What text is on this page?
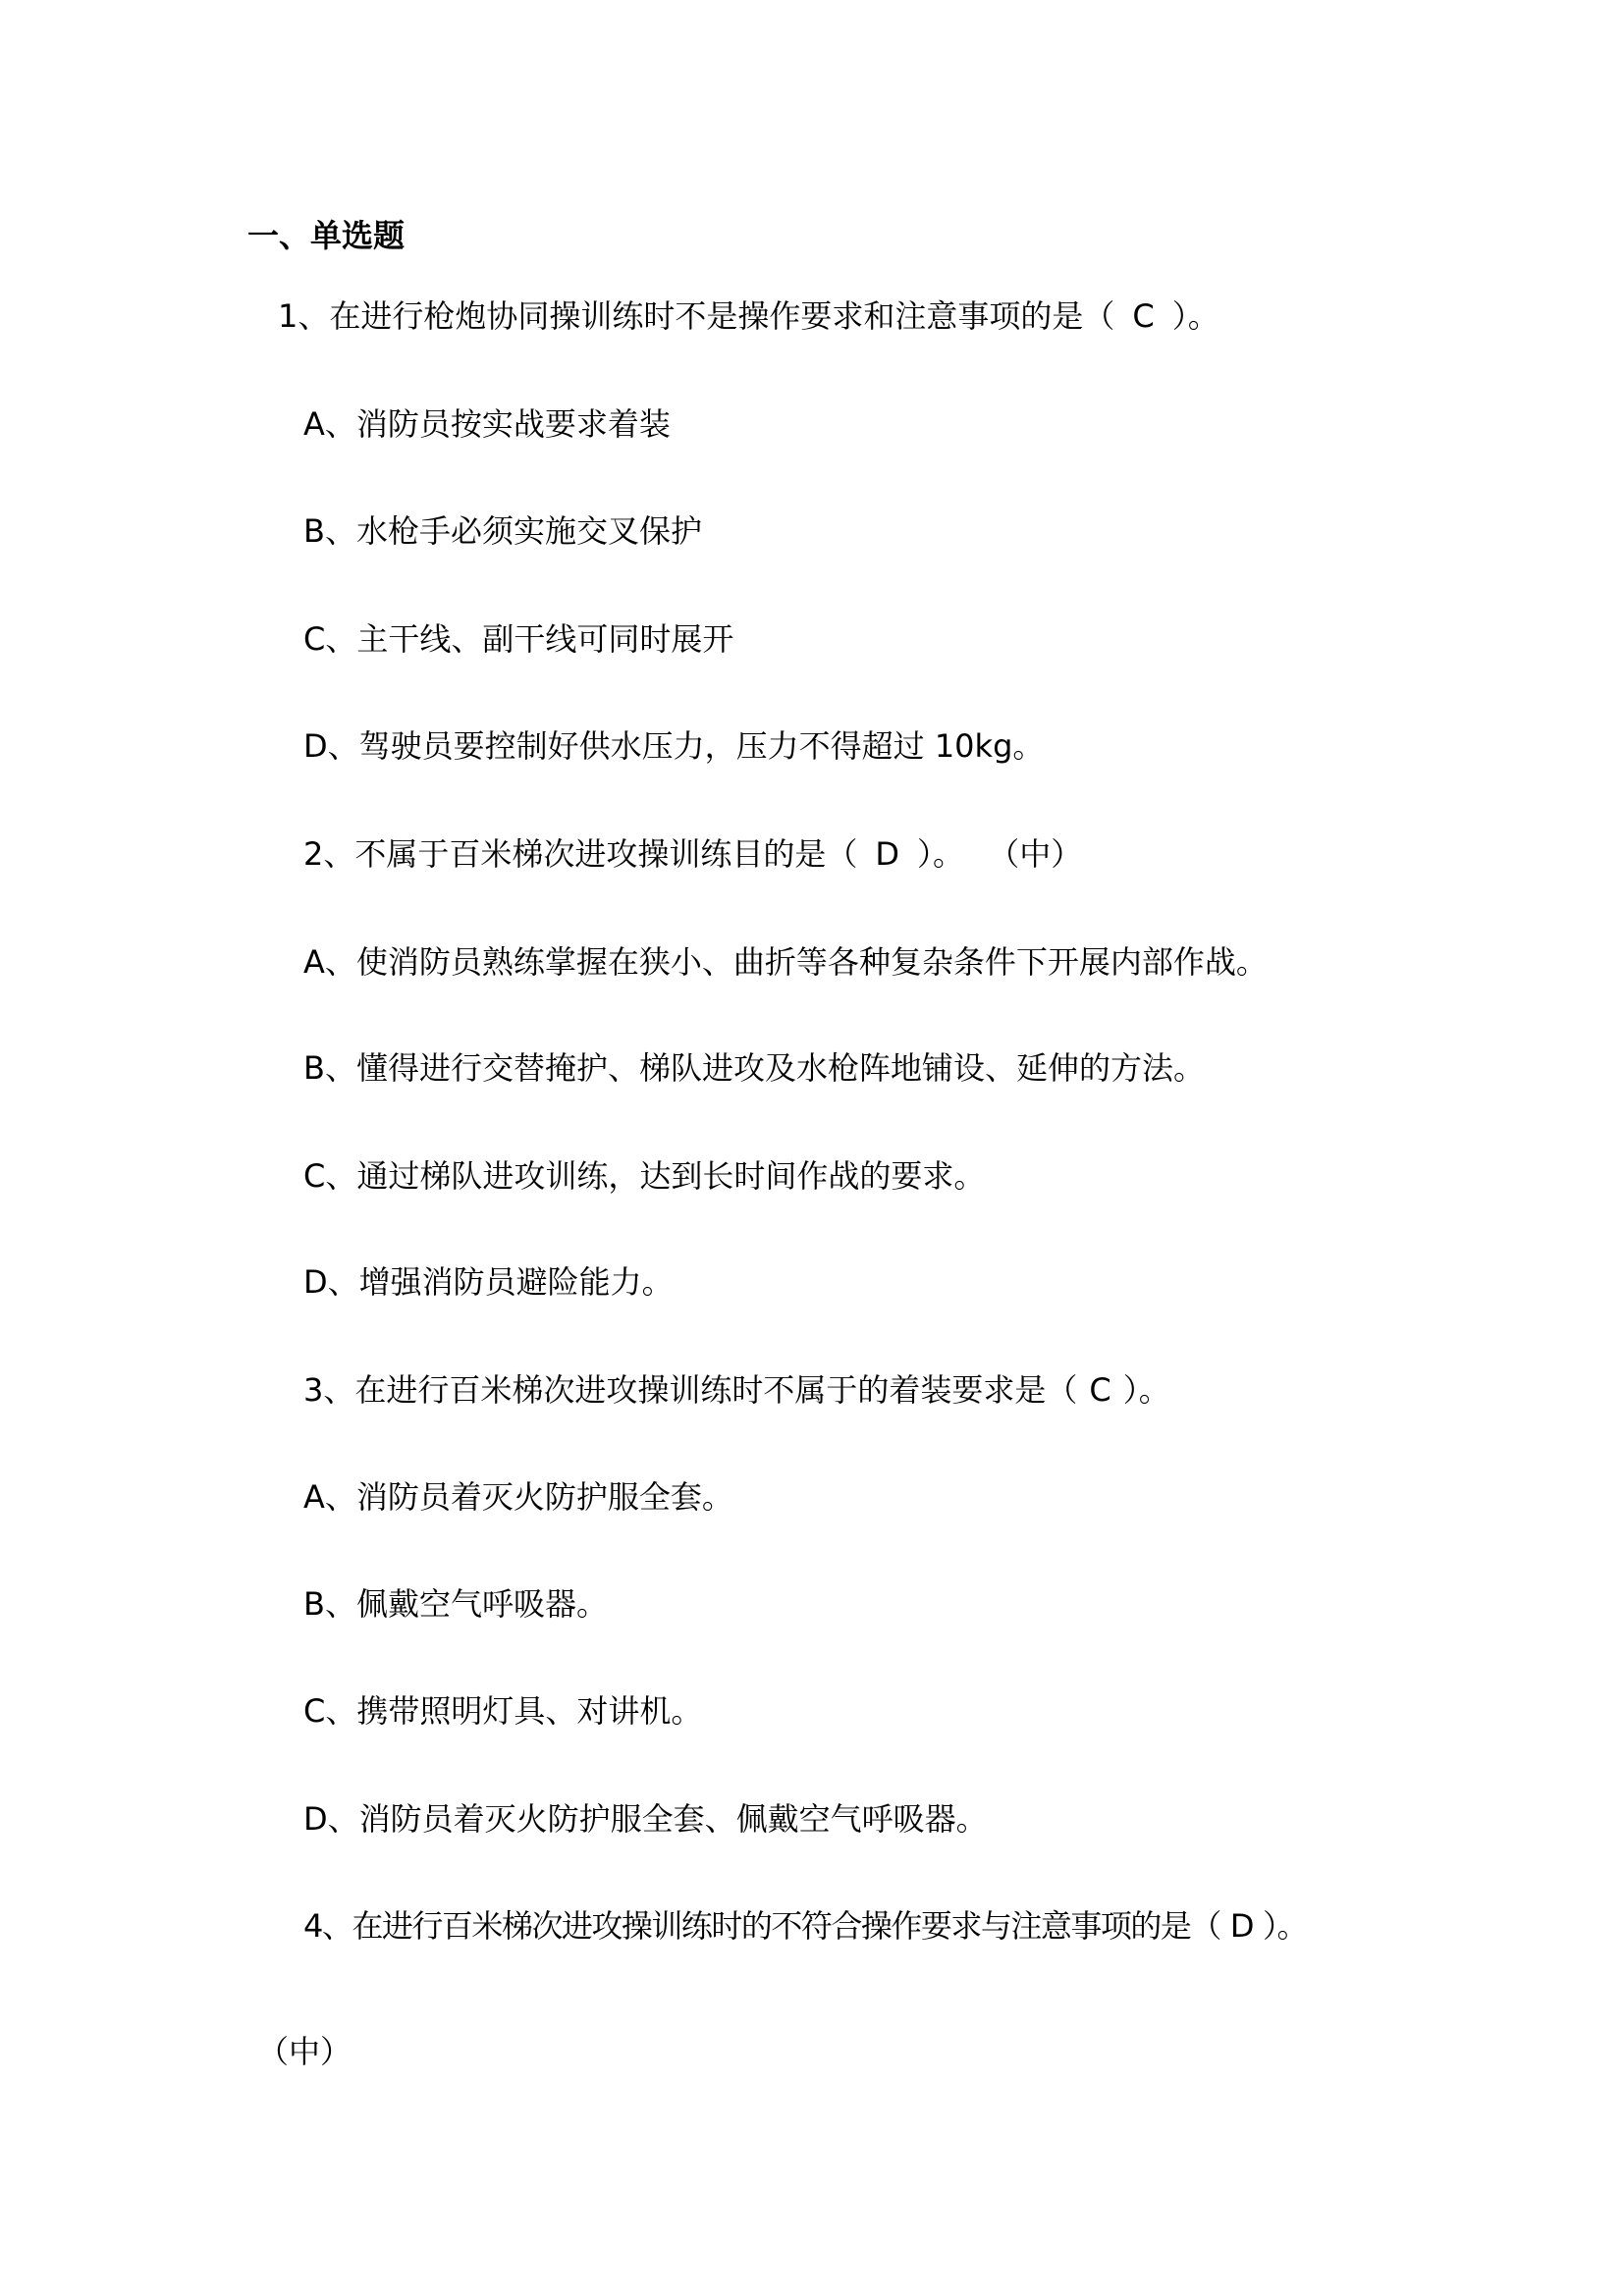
一、单选题
1、在进行枪炮协同操训练时不是操作要求和注意事项的是（ C ）。
A、消防员按实战要求着装
B、水枪手必须实施交叉保护
C、主干线、副干线可同时展开
D、驾驶员要控制好供水压力，压力不得超过 10kg。
2、不属于百米梯次进攻操训练目的是（ D ）。 （中）
A、使消防员熟练掌握在狭小、曲折等各种复杂条件下开展内部作战。
B、懂得进行交替掩护、梯队进攻及水枪阵地铺设、延伸的方法。
C、通过梯队进攻训练，达到长时间作战的要求。
D、增强消防员避险能力。
3、在进行百米梯次进攻操训练时不属于的着装要求是（ C ）。
A、消防员着灭火防护服全套。
B、佩戴空气呼吸器。
C、携带照明灯具、对讲机。
D、消防员着灭火防护服全套、佩戴空气呼吸器。
4、在进行百米梯次进攻操训练时的不符合操作要求与注意事项的是（ D ）。
（中）
